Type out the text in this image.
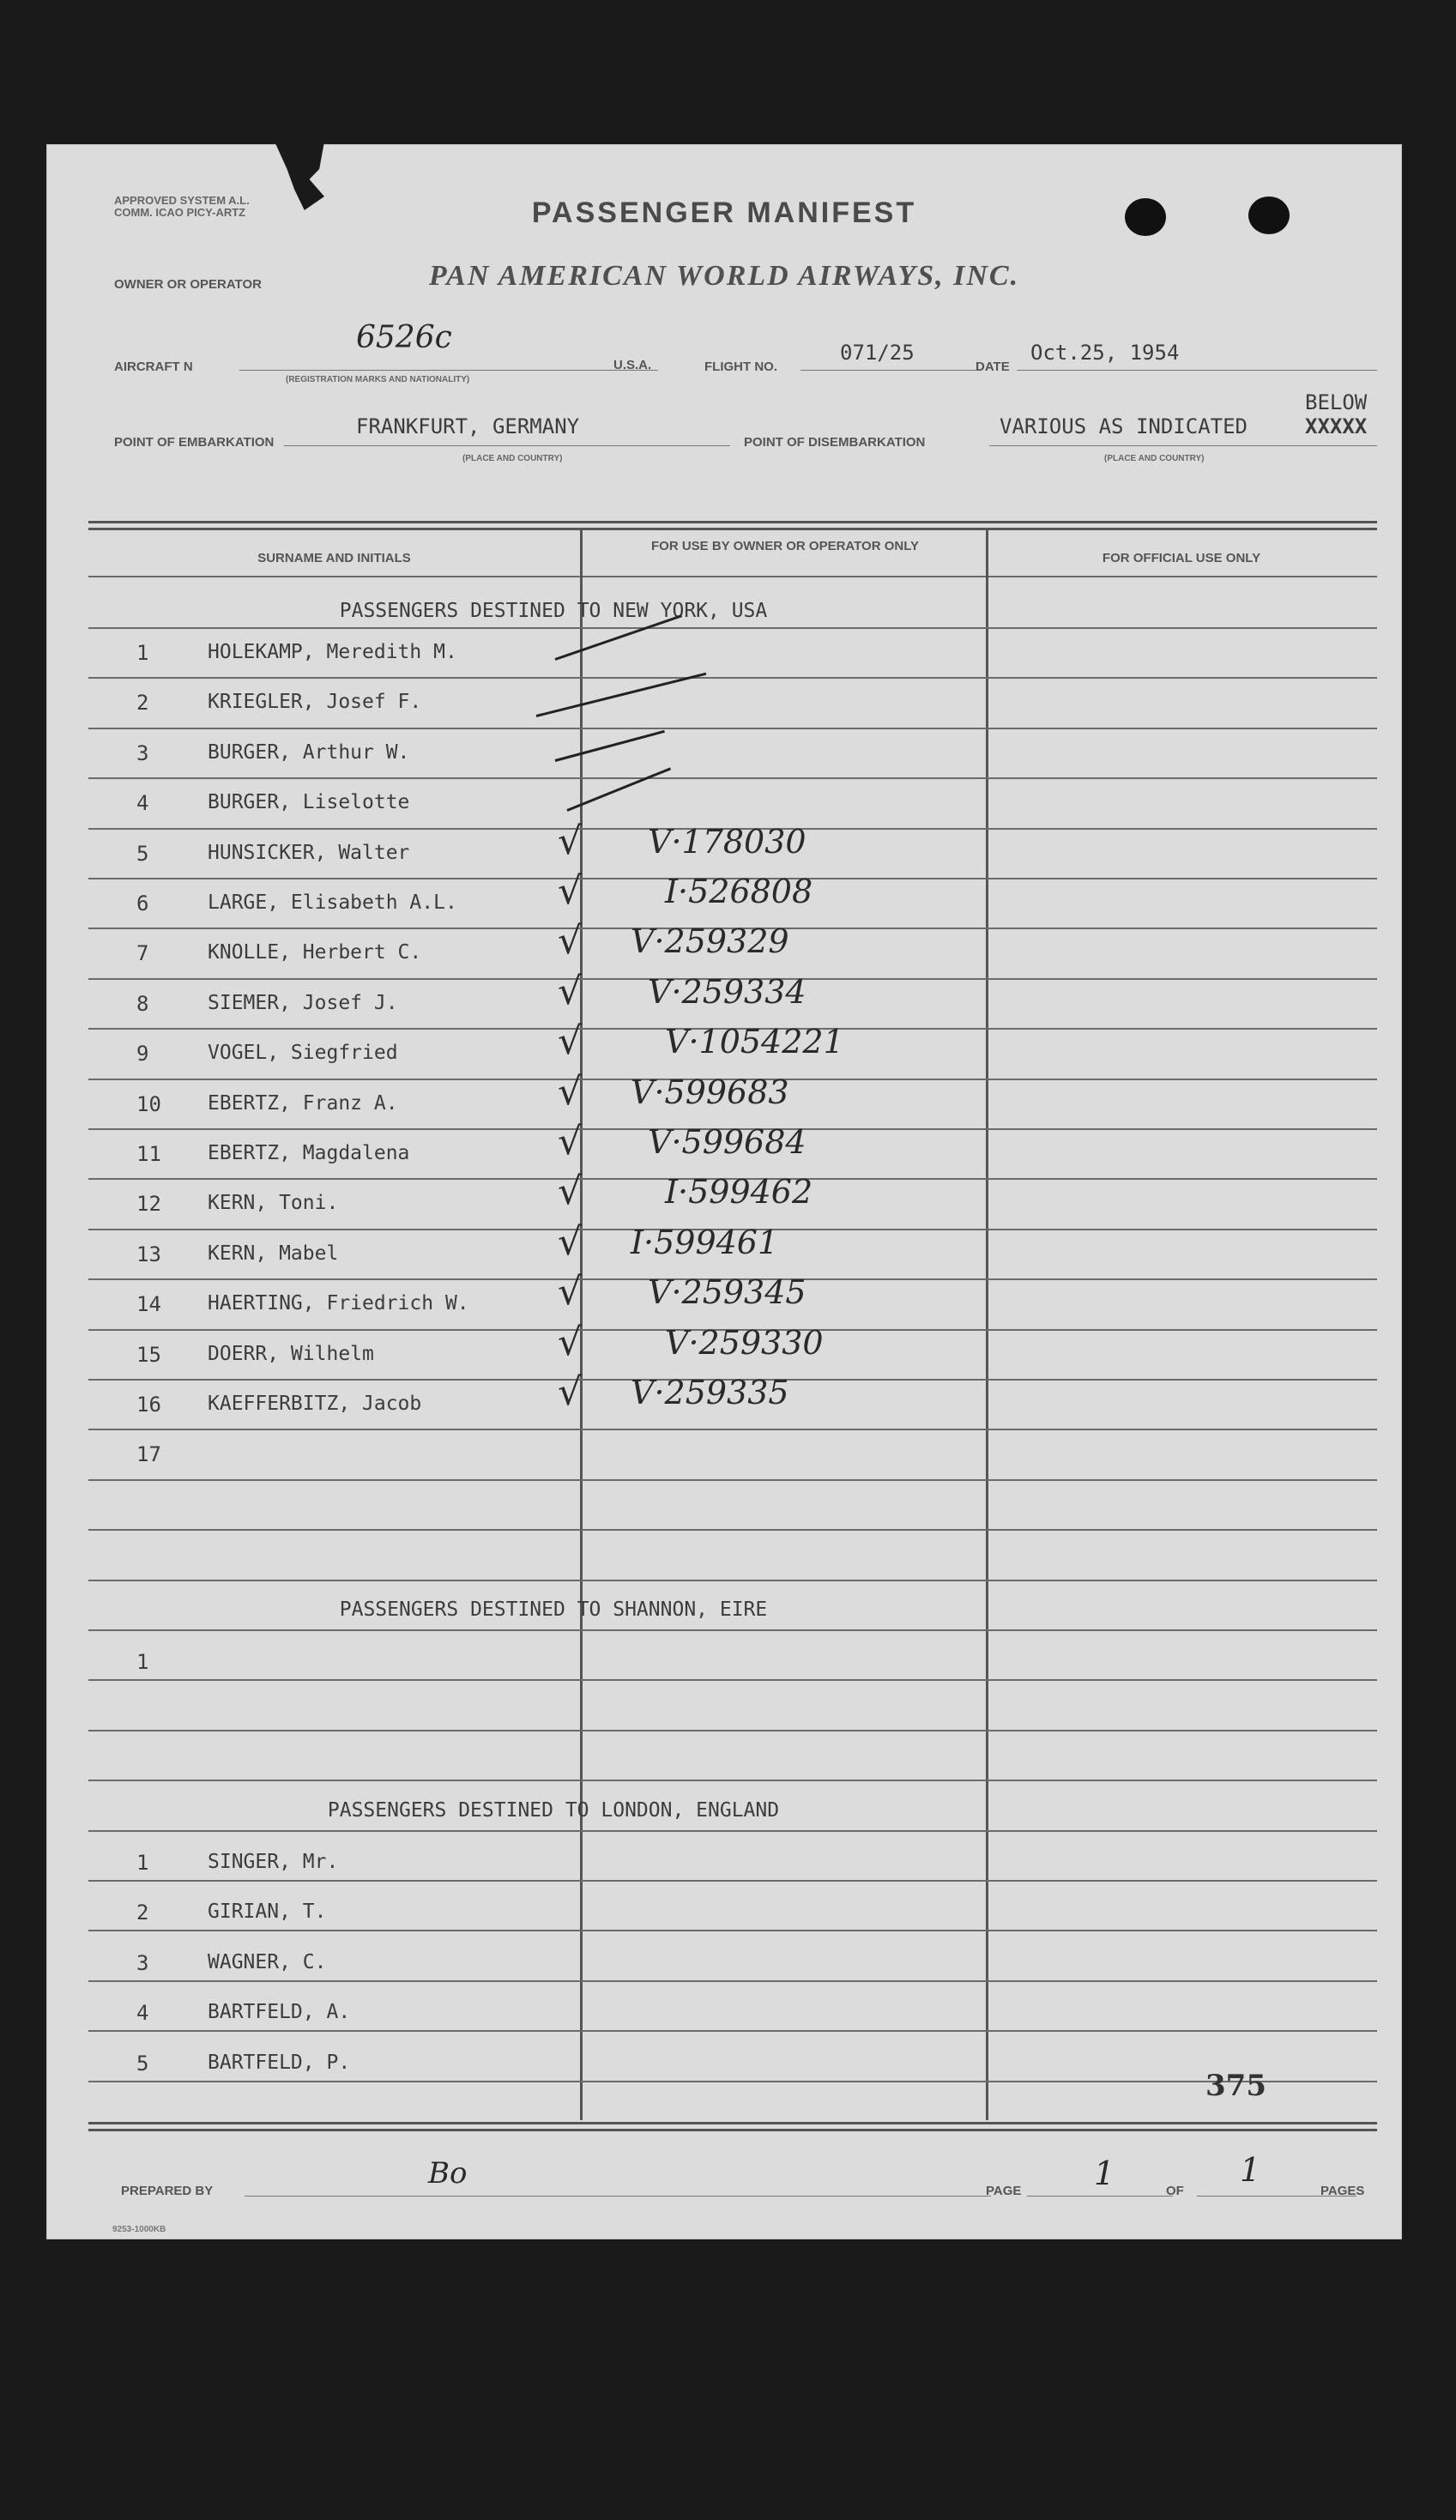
APPROVED SYSTEM A.L. COMM. ICAO PICY-ARTZ	PASSENGER MANIFEST
PAN AMERICAN WORLD AIRWAYS, INC.
OWNER OR OPERATOR
AIRCRAFT N
6526c
(REGISTRATION MARKS AND NATIONALITY)
U.S.A.	FLIGHT NO.
071/25
DATE
Oct.25, 1954
POINT OF EMBARKATION
FRANKFURT, GERMANY
(PLACE AND COUNTRY)
POINT OF DISEMBARKATION
VARIOUS AS INDICATED
BELOW
XXXXX
(PLACE AND COUNTRY)
SURNAME AND INITIALS
FOR USE BY OWNER OR OPERATOR ONLY
FOR OFFICIAL USE ONLY
PASSENGERS DESTINED TO NEW YORK, USA
1	HOLEKAMP, Meredith M.
2	KRIEGLER, Josef F.
3	BURGER, Arthur W.
4	BURGER, Liselotte
5	HUNSICKER, Walter	√ V·178030
6	LARGE, Elisabeth A.L.	√	I·526808
7	KNOLLE, Herbert C.	√ V·259329
8	SIEMER, Josef J.	√ V·259334
9	VOGEL, Siegfried	√	V·1054221
10	EBERTZ, Franz A.	√ V·599683
11	EBERTZ, Magdalena	√ V·599684
12	KERN, Toni.	√	I·599462
13	KERN, Mabel	√ I·599461
14	HAERTING, Friedrich W. √ V·259345
15	DOERR, Wilhelm	√	V·259330
16	KAEFFERBITZ, Jacob	√ V·259335
17
PASSENGERS DESTINED TO SHANNON, EIRE
1
PASSENGERS DESTINED TO LONDON, ENGLAND
1	SINGER, Mr.
2	GIRIAN, T.
3	WAGNER, C.
4	BARTFELD, A.
5	BARTFELD, P.
375
PREPARED BY
Bo
PAGE 1	OF
1
PAGES
9253-1000KB
